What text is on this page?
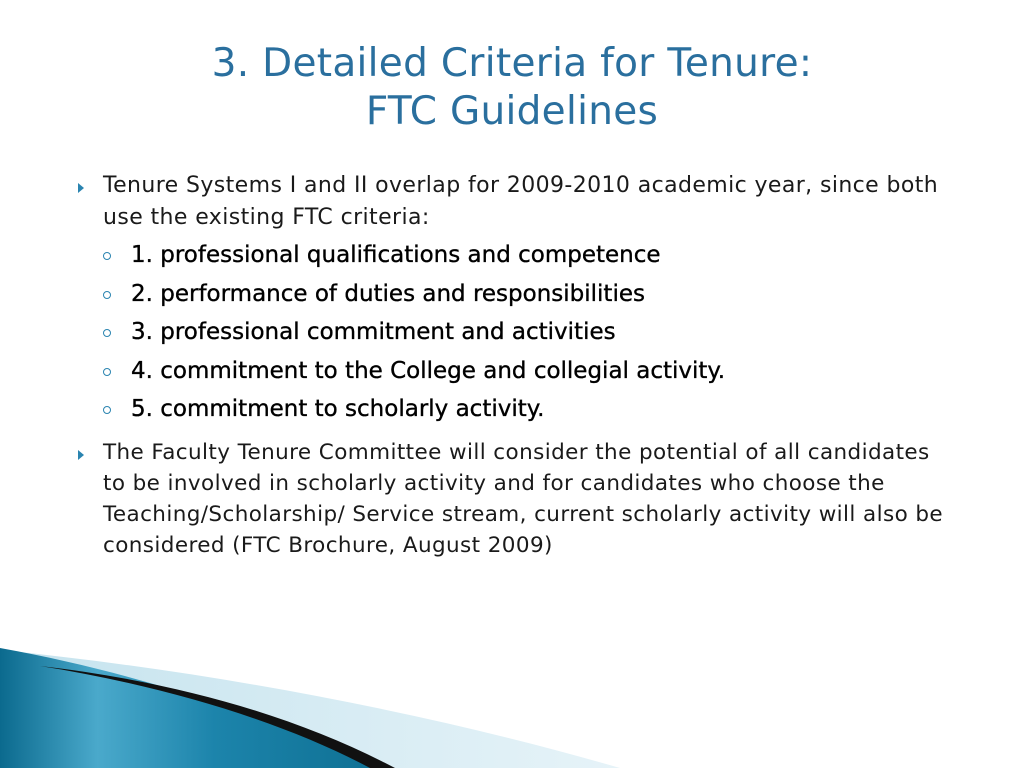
3. Detailed Criteria for Tenure:
FTC Guidelines
Tenure Systems I and II overlap for 2009-2010 academic year, since both use the existing FTC criteria:
1. professional qualifications and competence
2. performance of duties and responsibilities
3. professional commitment and activities
4. commitment to the College and collegial activity.
5. commitment to scholarly activity.
The Faculty Tenure Committee will consider the potential of all candidates to be involved in scholarly activity and for candidates who choose the Teaching/Scholarship/ Service stream, current scholarly activity will also be considered (FTC Brochure, August 2009)
